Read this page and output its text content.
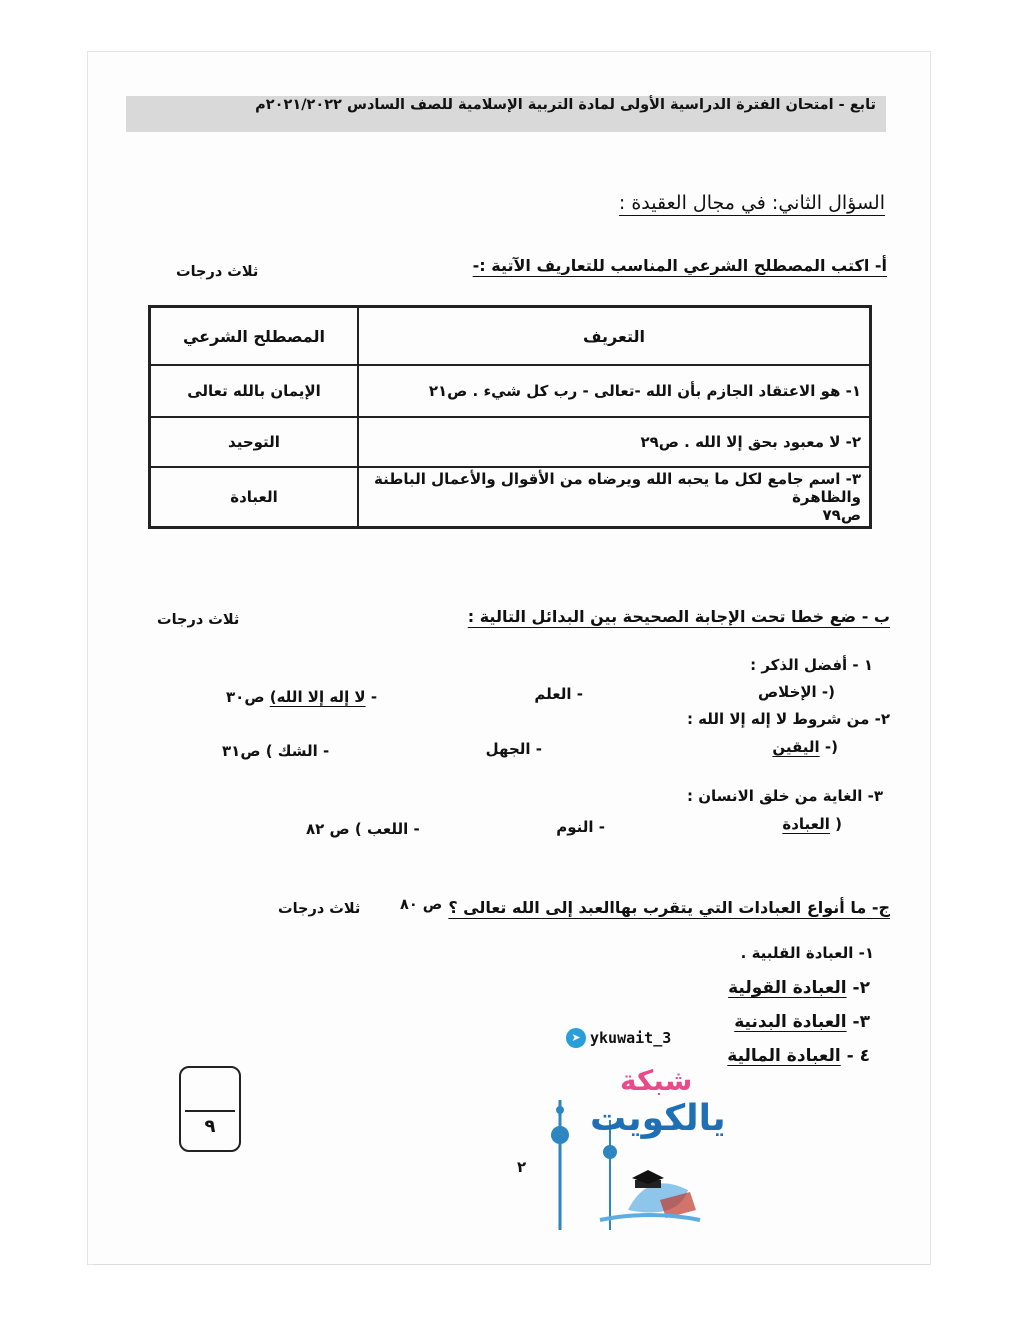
تابع - امتحان الفترة الدراسية الأولى لمادة التربية الإسلامية للصف السادس ٢٠٢١/٢٠٢٢م
السؤال الثاني: في مجال العقيدة :
أ- اكتب المصطلح الشرعي المناسب للتعاريف الآتية :-
ثلاث درجات
التعريف	المصطلح الشرعي
١- هو الاعتقاد الجازم بأن الله -تعالى - رب كل شيء . ص٢١	الإيمان بالله تعالى
٢- لا معبود بحق إلا الله . ص٢٩	التوحيد

٣- اسم جامع لكل ما يحبه الله ويرضاه من الأقوال والأعمال الباطنة والظاهرة
ص٧٩	العبادة
ب - ضع خطا تحت الإجابة الصحيحة بين البدائل التالية :
ثلاث درجات
١ - أفضل الذكر :
(- الإخلاص
- العلم
- لا إله إلا الله) ص٣٠
٢- من شروط لا إله إلا الله :
(- اليقين
- الجهل
- الشك ) ص٣١
٣- الغاية من خلق الانسان :
( العبادة
- النوم
- اللعب ) ص ٨٢
ج- ما أنواع العبادات التي يتقرب بهاالعبد إلى الله تعالى ؟
ص ٨٠
ثلاث درجات
١- العبادة القلبية .
٢- العبادة القولية
٣- العبادة البدنية
٤ - العبادة المالية
٩
٢
➤ ykuwait_3
شبكة
يالكويت
